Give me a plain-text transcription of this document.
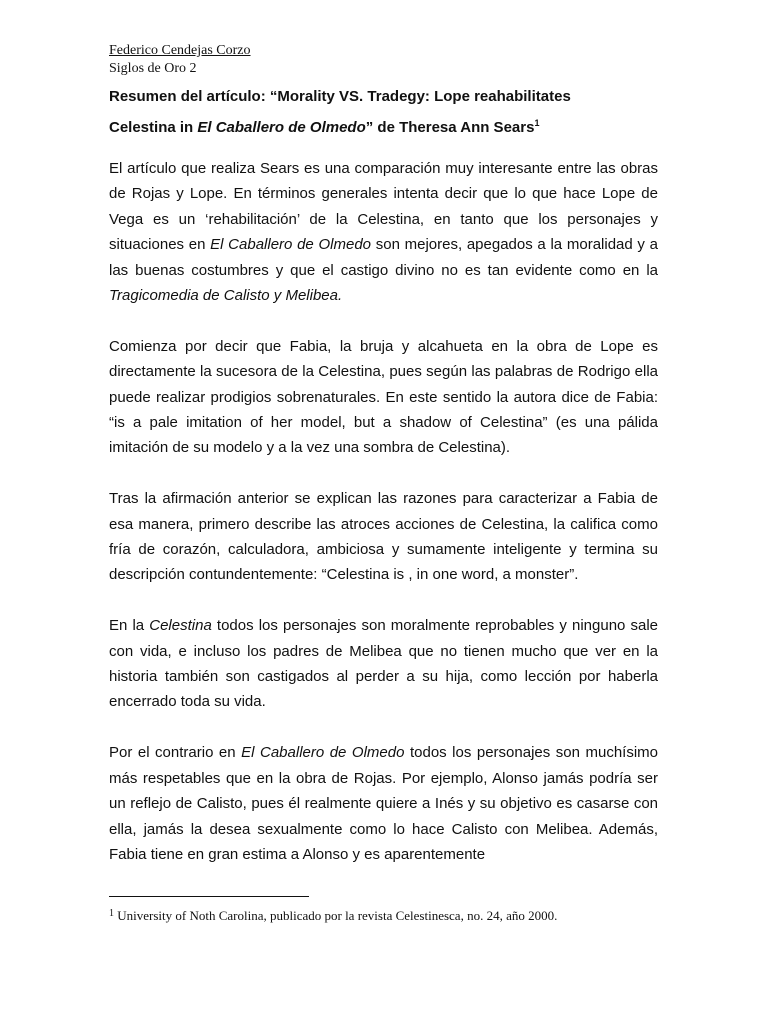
Federico Cendejas Corzo
Siglos de Oro 2
Resumen del artículo: “Morality VS. Tradegy: Lope reahabilitates
Celestina in El Caballero de Olmedo” de Theresa Ann Sears$^1$

El artículo que realiza Sears es una comparación muy interesante entre las obras de Rojas y Lope. En términos generales intenta decir que lo que hace Lope de Vega es un ‘rehabilitación’ de la Celestina, en tanto que los personajes y situaciones en El Caballero de Olmedo son mejores, apegados a la moralidad y a las buenas costumbres y que el castigo divino no es tan evidente como en la Tragicomedia de Calisto y Melibea.

Comienza por decir que Fabia, la bruja y alcahueta en la obra de Lope es directamente la sucesora de la Celestina, pues según las palabras de Rodrigo ella puede realizar prodigios sobrenaturales. En este sentido la autora dice de Fabia: “is a pale imitation of her model, but a shadow of Celestina” (es una pálida imitación de su modelo y a la vez una sombra de Celestina).

Tras la afirmación anterior se explican las razones para caracterizar a Fabia de esa manera, primero describe las atroces acciones de Celestina, la califica como fría de corazón, calculadora, ambiciosa y sumamente inteligente y termina su descripción contundentemente: “Celestina is , in one word, a monster”.

En la Celestina todos los personajes son moralmente reprobables y ninguno sale con vida, e incluso los padres de Melibea que no tienen mucho que ver en la historia también son castigados al perder a su hija, como lección por haberla encerrado toda su vida.

Por el contrario en El Caballero de Olmedo todos los personajes son muchísimo más respetables que en la obra de Rojas. Por ejemplo, Alonso jamás podría ser un reflejo de Calisto, pues él realmente quiere a Inés y su objetivo es casarse con ella, jamás la desea sexualmente como lo hace Calisto con Melibea. Además, Fabia tiene en gran estima a Alonso y es aparentemente

$^1$ University of Noth Carolina, publicado por la revista Celestinesca, no. 24, año 2000.
